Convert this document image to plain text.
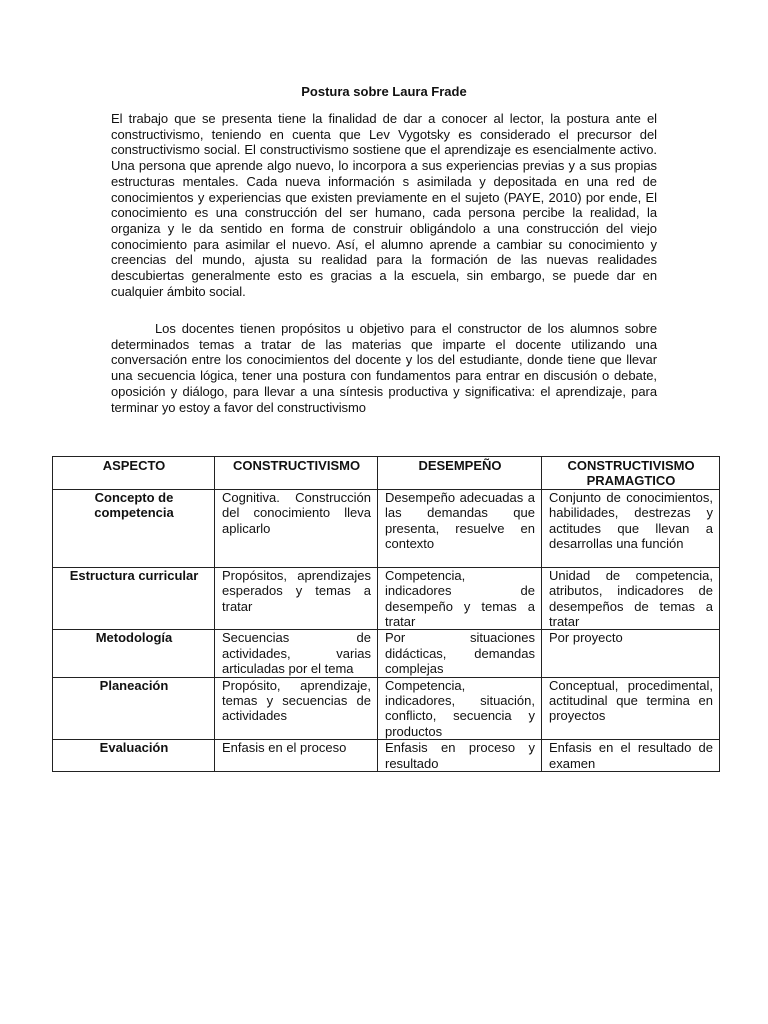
Postura sobre Laura Frade

El trabajo que se presenta tiene la finalidad de dar a conocer al lector, la postura ante el constructivismo, teniendo en cuenta que Lev Vygotsky es considerado el precursor del constructivismo social. El constructivismo sostiene que el aprendizaje es esencialmente activo. Una persona que aprende algo nuevo, lo incorpora a sus experiencias previas y a sus propias estructuras mentales. Cada nueva información s asimilada y depositada en una red de conocimientos y experiencias que existen previamente en el sujeto (PAYE, 2010) por ende, El conocimiento es una construcción del ser humano, cada persona percibe la realidad, la organiza y le da sentido en forma de construir obligándolo a una construcción del viejo conocimiento para asimilar el nuevo. Así, el alumno aprende a cambiar su conocimiento y creencias del mundo, ajusta su realidad para la formación de las nuevas realidades descubiertas generalmente esto es gracias a la escuela, sin embargo, se puede dar en cualquier ámbito social.

Los docentes tienen propósitos u objetivo para el constructor de los alumnos sobre determinados temas a tratar de las materias que imparte el docente utilizando una conversación entre los conocimientos del docente y los del estudiante, donde tiene que llevar una secuencia lógica, tener una postura con fundamentos para entrar en discusión o debate, oposición y diálogo, para llevar a una síntesis productiva y significativa: el aprendizaje, para terminar yo estoy a favor del constructivismo

ASPECTO	CONSTRUCTIVISMO	DESEMPEÑO	CONSTRUCTIVISMO PRAMAGTICO
Concepto de competencia	Cognitiva. Construcción del conocimiento lleva aplicarlo	Desempeño adecuadas a las demandas que presenta, resuelve en contexto	Conjunto de conocimientos, habilidades, destrezas y actitudes que llevan a desarrollas una función
Estructura curricular	Propósitos, aprendizajes esperados y temas a tratar	Competencia, indicadores de desempeño y temas a tratar	Unidad de competencia, atributos, indicadores de desempeños de temas a tratar
Metodología	Secuencias de actividades, varias articuladas por el tema	Por situaciones didácticas, demandas complejas	Por proyecto
Planeación	Propósito, aprendizaje, temas y secuencias de actividades	Competencia, indicadores, situación, conflicto, secuencia y productos	Conceptual, procedimental, actitudinal que termina en proyectos
Evaluación	Enfasis en el proceso	Enfasis en proceso y resultado	Enfasis en el resultado de examen
